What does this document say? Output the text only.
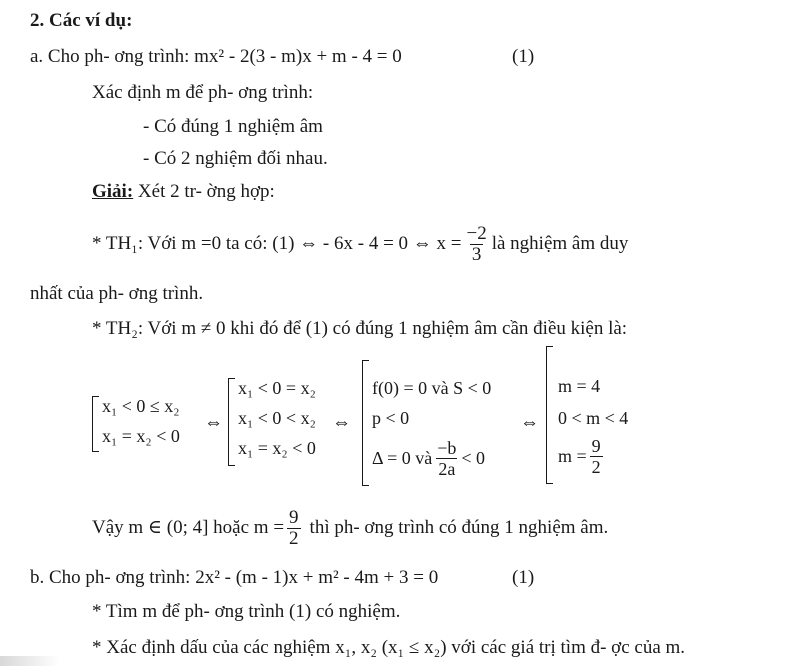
2. Các ví dụ:
a. Cho ph- ơng trình: mx² - 2(3 - m)x + m - 4 = 0	(1)
Xác định m để ph- ơng trình:
- Có đúng 1 nghiệm âm
- Có 2 nghiệm đối nhau.
Giải: Xét 2 tr- ờng hợp:
* TH₁: Với m =0 ta có: (1) ⇔ - 6x - 4 = 0 ⇔ $x = \frac{-2}{3}$ là nghiệm âm duy
nhất của ph- ơng trình.
* TH₂: Với m ≠ 0 khi đó để (1) có đúng 1 nghiệm âm cần điều kiện là:
x₁ < 0 ≤ x₂
x₁ = x₂ < 0
⇔
x₁ < 0 = x₂
x₁ < 0 < x₂
x₁ = x₂ < 0
⇔
f(0) = 0 và S < 0
p < 0
Δ = 0 và $\frac{-b}{2a} < 0$
⇔
m = 4
0 < m < 4
$m = \frac{9}{2}$
Vậy m ∈ (0; 4] hoặc $m = \frac{9}{2}$ thì ph- ơng trình có đúng 1 nghiệm âm.
b. Cho ph- ơng trình: 2x² - (m - 1)x + m² - 4m + 3 = 0	(1)
* Tìm m để ph- ơng trình (1) có nghiệm.
* Xác định dấu của các nghiệm x₁, x₂ (x₁ ≤ x₂) với các giá trị tìm đ- ợc của m.
